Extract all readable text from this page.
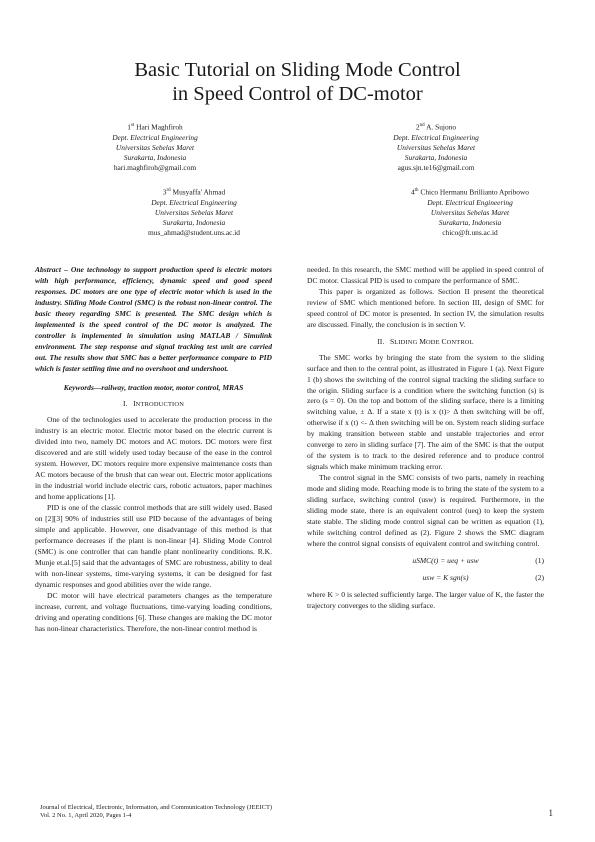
Basic Tutorial on Sliding Mode Control
in Speed Control of DC-motor
1st Hari Maghfiroh
Dept. Electrical Engineering
Universitas Sebelas Maret
Surakarta, Indonesia
hari.maghfiroh@gmail.com
2nd A. Sujono
Dept. Electrical Engineering
Universitas Sebelas Maret
Surakarta, Indonesia
agus.sjn.te16@gmail.com
3rd Musyaffa' Ahmad
Dept. Electrical Engineering
Universitas Sebelas Maret
Surakarta, Indonesia
mus_ahmad@student.uns.ac.id
4th Chico Hermanu Brillianto Apribowo
Dept. Electrical Engineering
Universitas Sebelas Maret
Surakarta, Indonesia
chico@ft.uns.ac.id

Abstract – One technology to support production speed is electric motors with high performance, efficiency, dynamic speed and good speed responses. DC motors are one type of electric motor which is used in the industry. Sliding Mode Control (SMC) is the robust non-linear control. The basic theory regarding SMC is presented. The SMC design which is implemented is the speed control of the DC motor is analyzed. The controller is implemented in simulation using MATLAB / Simulink environment. The step response and signal tracking test unit are carried out. The results show that SMC has a better performance compare to PID which is faster settling time and no overshoot and undershoot.

Keywords—railway, traction motor, motor control, MRAS

I. INTRODUCTION

One of the technologies used to accelerate the production process in the industry is an electric motor. Electric motor based on the electric current is divided into two, namely DC motors and AC motors. DC motors were first discovered and are still widely used today because of the ease in the control system. However, DC motors require more expensive maintenance costs than AC motors because of the brush that can wear out. Electric motor applications in the industrial world include electric cars, robotic actuators, paper machines and home applications [1].

PID is one of the classic control methods that are still widely used. Based on [2][3] 90% of industries still use PID because of the advantages of being simple and applicable. However, one disadvantage of this method is that performance decreases if the plant is non-linear [4]. Sliding Mode Control (SMC) is one controller that can handle plant nonlinearity conditions. R.K. Munje et.al.[5] said that the advantages of SMC are robustness, ability to deal with non-linear systems, time-varying systems, it can be designed for fast dynamic responses and good abilities over the wide range.

DC motor will have electrical parameters changes as the temperature increase, current, and voltage fluctuations, time-varying loading conditions, driving and operating conditions [6]. These changes are making the DC motor has non-linear characteristics. Therefore, the non-linear control method is

needed. In this research, the SMC method will be applied in speed control of DC motor. Classical PID is used to compare the performance of SMC.

This paper is organized as follows. Section II present the theoretical review of SMC which mentioned before. In section III, design of SMC for speed control of DC motor is presented. In section IV, the simulation results are discussed. Finally, the conclusion is in section V.

II. SLIDING MODE CONTROL

The SMC works by bringing the state from the system to the sliding surface and then to the central point, as illustrated in Figure 1 (a). Next Figure 1 (b) shows the switching of the control signal tracking the sliding surface to the origin. Sliding surface is a condition where the switching function (s) is zero (s = 0). On the top and bottom of the sliding surface, there is a limiting switching value, ± Δ. If a state x (t) is x (t)> Δ then switching will be off, otherwise if x (t) <- Δ then switching will be on. System reach sliding surface by making transition between stable and unstable trajectories and error converge to zero in sliding surface [7]. The aim of the SMC is that the output of the system is to track to the desired reference and to produce control signals which make minimum tracking error.

The control signal in the SMC consists of two parts, namely in reaching mode and sliding mode. Reaching mode is to bring the state of the system to a sliding surface, switching control (usw) is required. Furthermore, in the sliding mode state, there is an equivalent control (ueq) to keep the system state stable. The sliding mode control signal can be written as equation (1), while switching control defined as (2). Figure 2 shows the SMC diagram where the control signal consists of equivalent control and switching control.

uSMC(t) = ueq + usw	(1)

usw = K sgn(s)	(2)

where K > 0 is selected sufficiently large. The larger value of K, the faster the trajectory converges to the sliding surface.

Journal of Electrical, Electronic, Information, and Communication Technology (JEEICT)
Vol. 2 No. 1, April 2020, Pages 1-4	1
